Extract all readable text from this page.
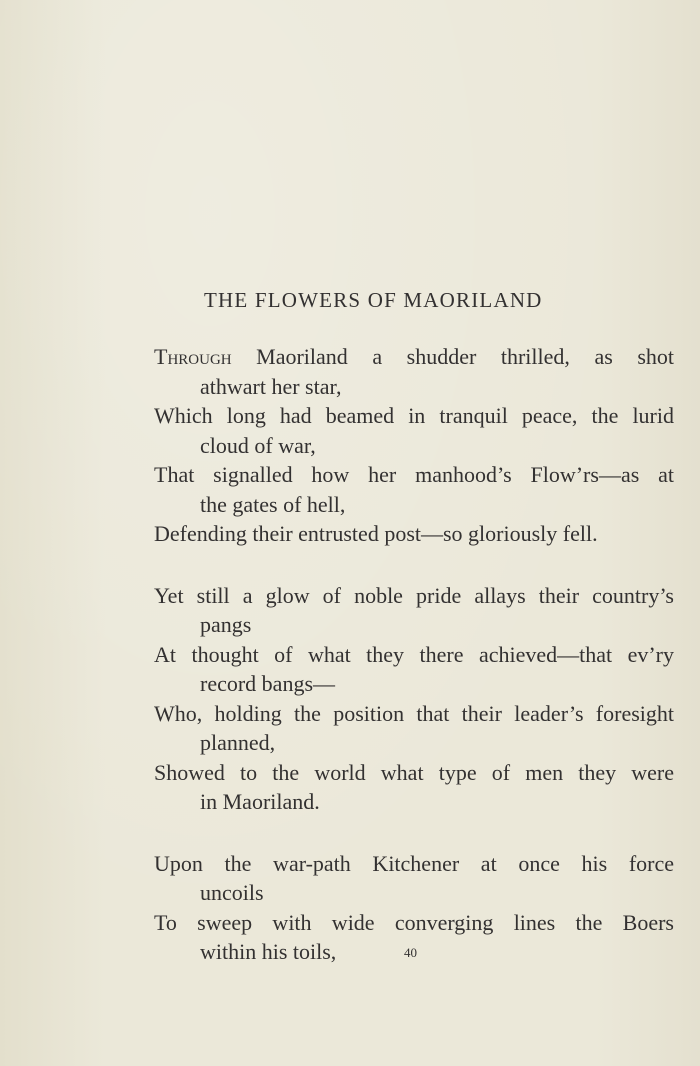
THE FLOWERS OF MAORILAND
Through Maoriland a shudder thrilled, as shot
athwart her star,
Which long had beamed in tranquil peace, the lurid
cloud of war,
That signalled how her manhood’s Flow’rs—as at
the gates of hell,
Defending their entrusted post—so gloriously fell.
Yet still a glow of noble pride allays their country’s
pangs
At thought of what they there achieved—that ev’ry
record bangs—
Who, holding the position that their leader’s foresight
planned,
Showed to the world what type of men they were
in Maoriland.
Upon the war-path Kitchener at once his force
uncoils
To sweep with wide converging lines the Boers
within his toils,	40
